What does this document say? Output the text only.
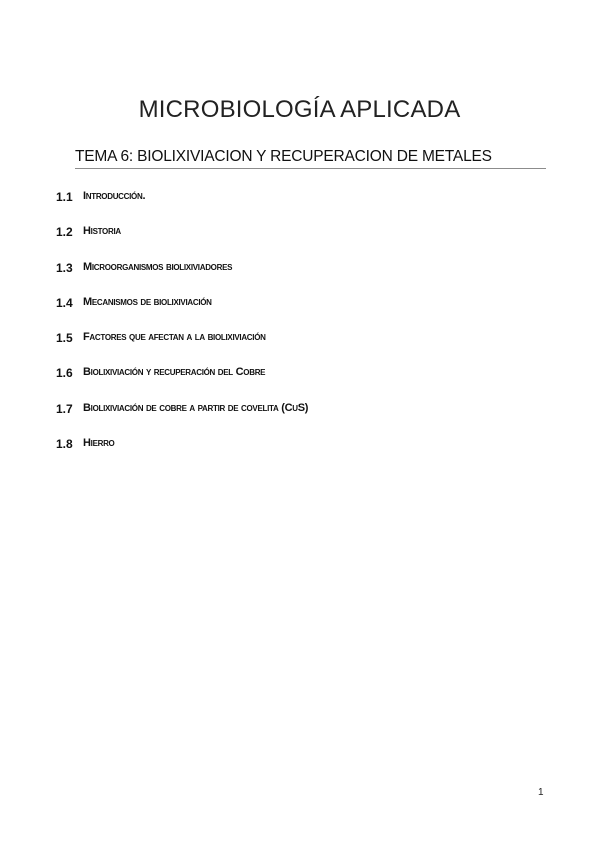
MICROBIOLOGÍA APLICADA
TEMA 6: BIOLIXIVIACION Y RECUPERACION DE METALES
1.1 Introducción.
1.2 Historia
1.3 Microorganismos biolixiviadores
1.4 Mecanismos de biolixiviación
1.5 Factores que afectan a la biolixiviación
1.6 Biolixiviación y recuperación del Cobre
1.7 Biolixiviación de cobre a partir de covelita (CuS)
1.8 Hierro
1
